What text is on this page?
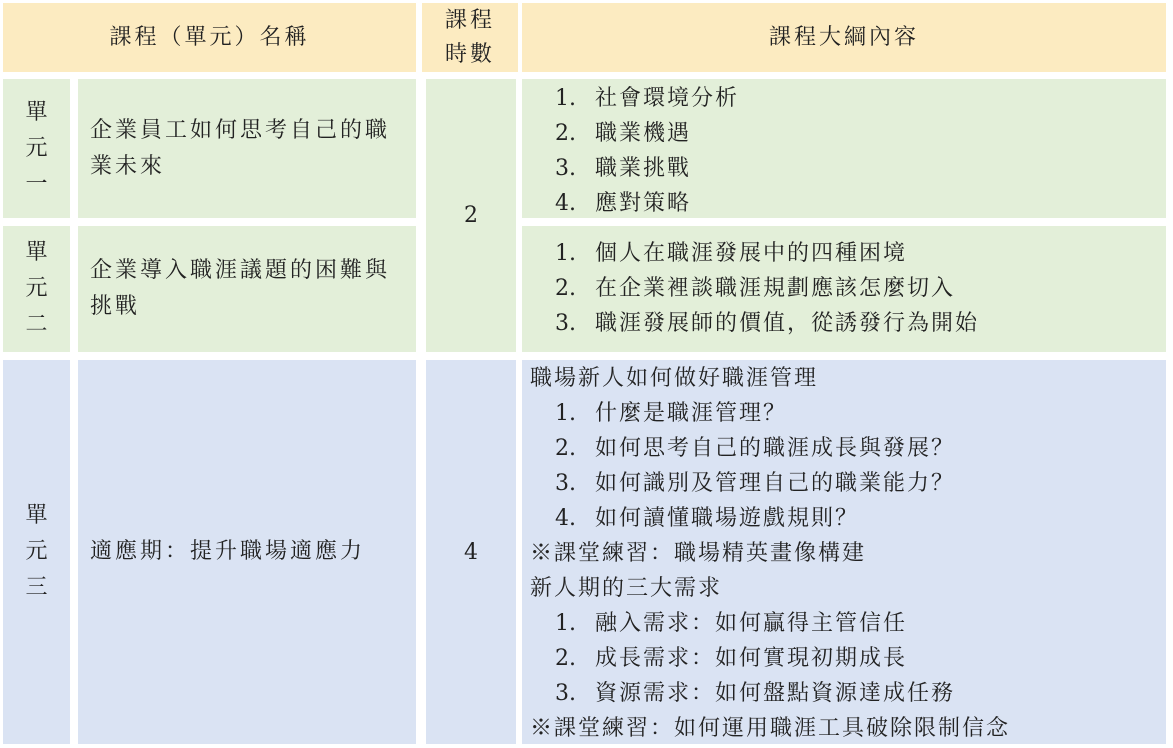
課程（單元）名稱
課程
時數
課程大綱內容
單
元
一
企業員工如何思考自己的職業未來
2
1. 社會環境分析
2. 職業機遇
3. 職業挑戰
4. 應對策略
單
元
二
企業導入職涯議題的困難與挑戰
1. 個人在職涯發展中的四種困境
2. 在企業裡談職涯規劃應該怎麼切入
3. 職涯發展師的價值，從誘發行為開始
單
元
三
適應期：提升職場適應力	4
職場新人如何做好職涯管理
1. 什麼是職涯管理？
2. 如何思考自己的職涯成長與發展？
3. 如何識別及管理自己的職業能力？
4. 如何讀懂職場遊戲規則？
※課堂練習：職場精英畫像構建
新人期的三大需求
1. 融入需求：如何贏得主管信任
2. 成長需求：如何實現初期成長
3. 資源需求：如何盤點資源達成任務
※課堂練習：如何運用職涯工具破除限制信念
